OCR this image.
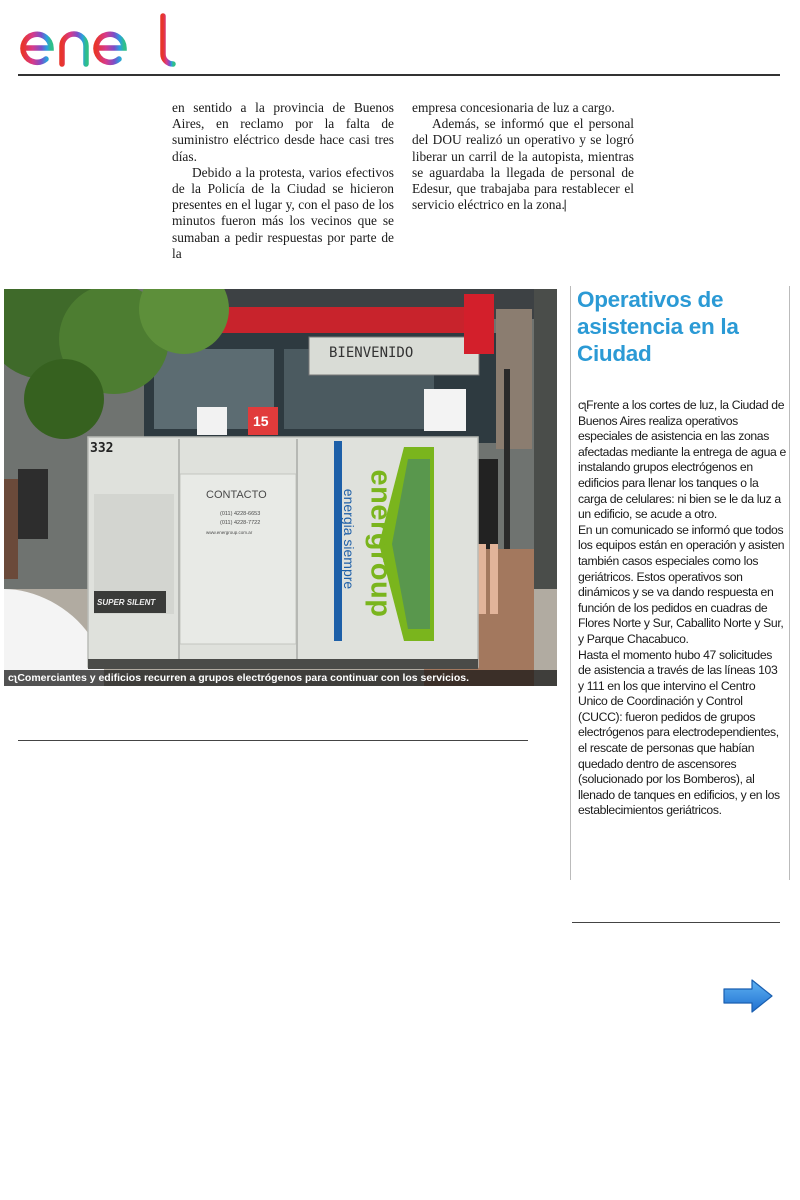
en sentido a la provincia de Buenos Aires, en reclamo por la falta de suministro eléctrico desde hace casi tres días.

Debido a la protesta, varios efectivos de la Policía de la Ciudad se hicieron presentes en el lugar y, con el paso de los minutos fueron más los vecinos que se sumaban a pedir respuestas por parte de la

empresa concesionaria de luz a cargo.

Además, se informó que el personal del DOU realizó un operativo y se logró liberar un carril de la autopista, mientras se aguardaba la llegada de personal de Edesur, que trabajaba para restablecer el servicio eléctrico en la zona.▏

332
BIENVENIDO
15
CONTACTO
(011) 4228-6653
(011) 4228-7722
www.energroup.com.ar	energroup
energia siempre
SUPER SILENT
ᴄʅComerciantes y edificios recurren a grupos electrógenos para continuar con los servicios.
Operativos de asistencia en la Ciudad

ᴄʅFrente a los cortes de luz, la Ciudad de Buenos Aires realiza operativos especiales de asistencia en las zonas afectadas mediante la entrega de agua e instalando grupos electrógenos en edificios para llenar los tanques o la carga de celulares: ni bien se le da luz a un edificio, se acude a otro.

En un comunicado se informó que todos los equipos están en operación y asisten también casos especiales como los geriátricos. Estos operativos son dinámicos y se va dando respuesta en función de los pedidos en cuadras de Flores Norte y Sur, Caballito Norte y Sur, y Parque Chacabuco.

Hasta el momento hubo 47 solicitudes de asistencia a través de las líneas 103 y 111 en los que intervino el Centro Unico de Coordinación y Control (CUCC): fueron pedidos de grupos electrógenos para electrodependientes, el rescate de personas que habían quedado dentro de ascensores (solucionado por los Bomberos), al llenado de tanques en edificios, y en los establecimientos geriátricos.
